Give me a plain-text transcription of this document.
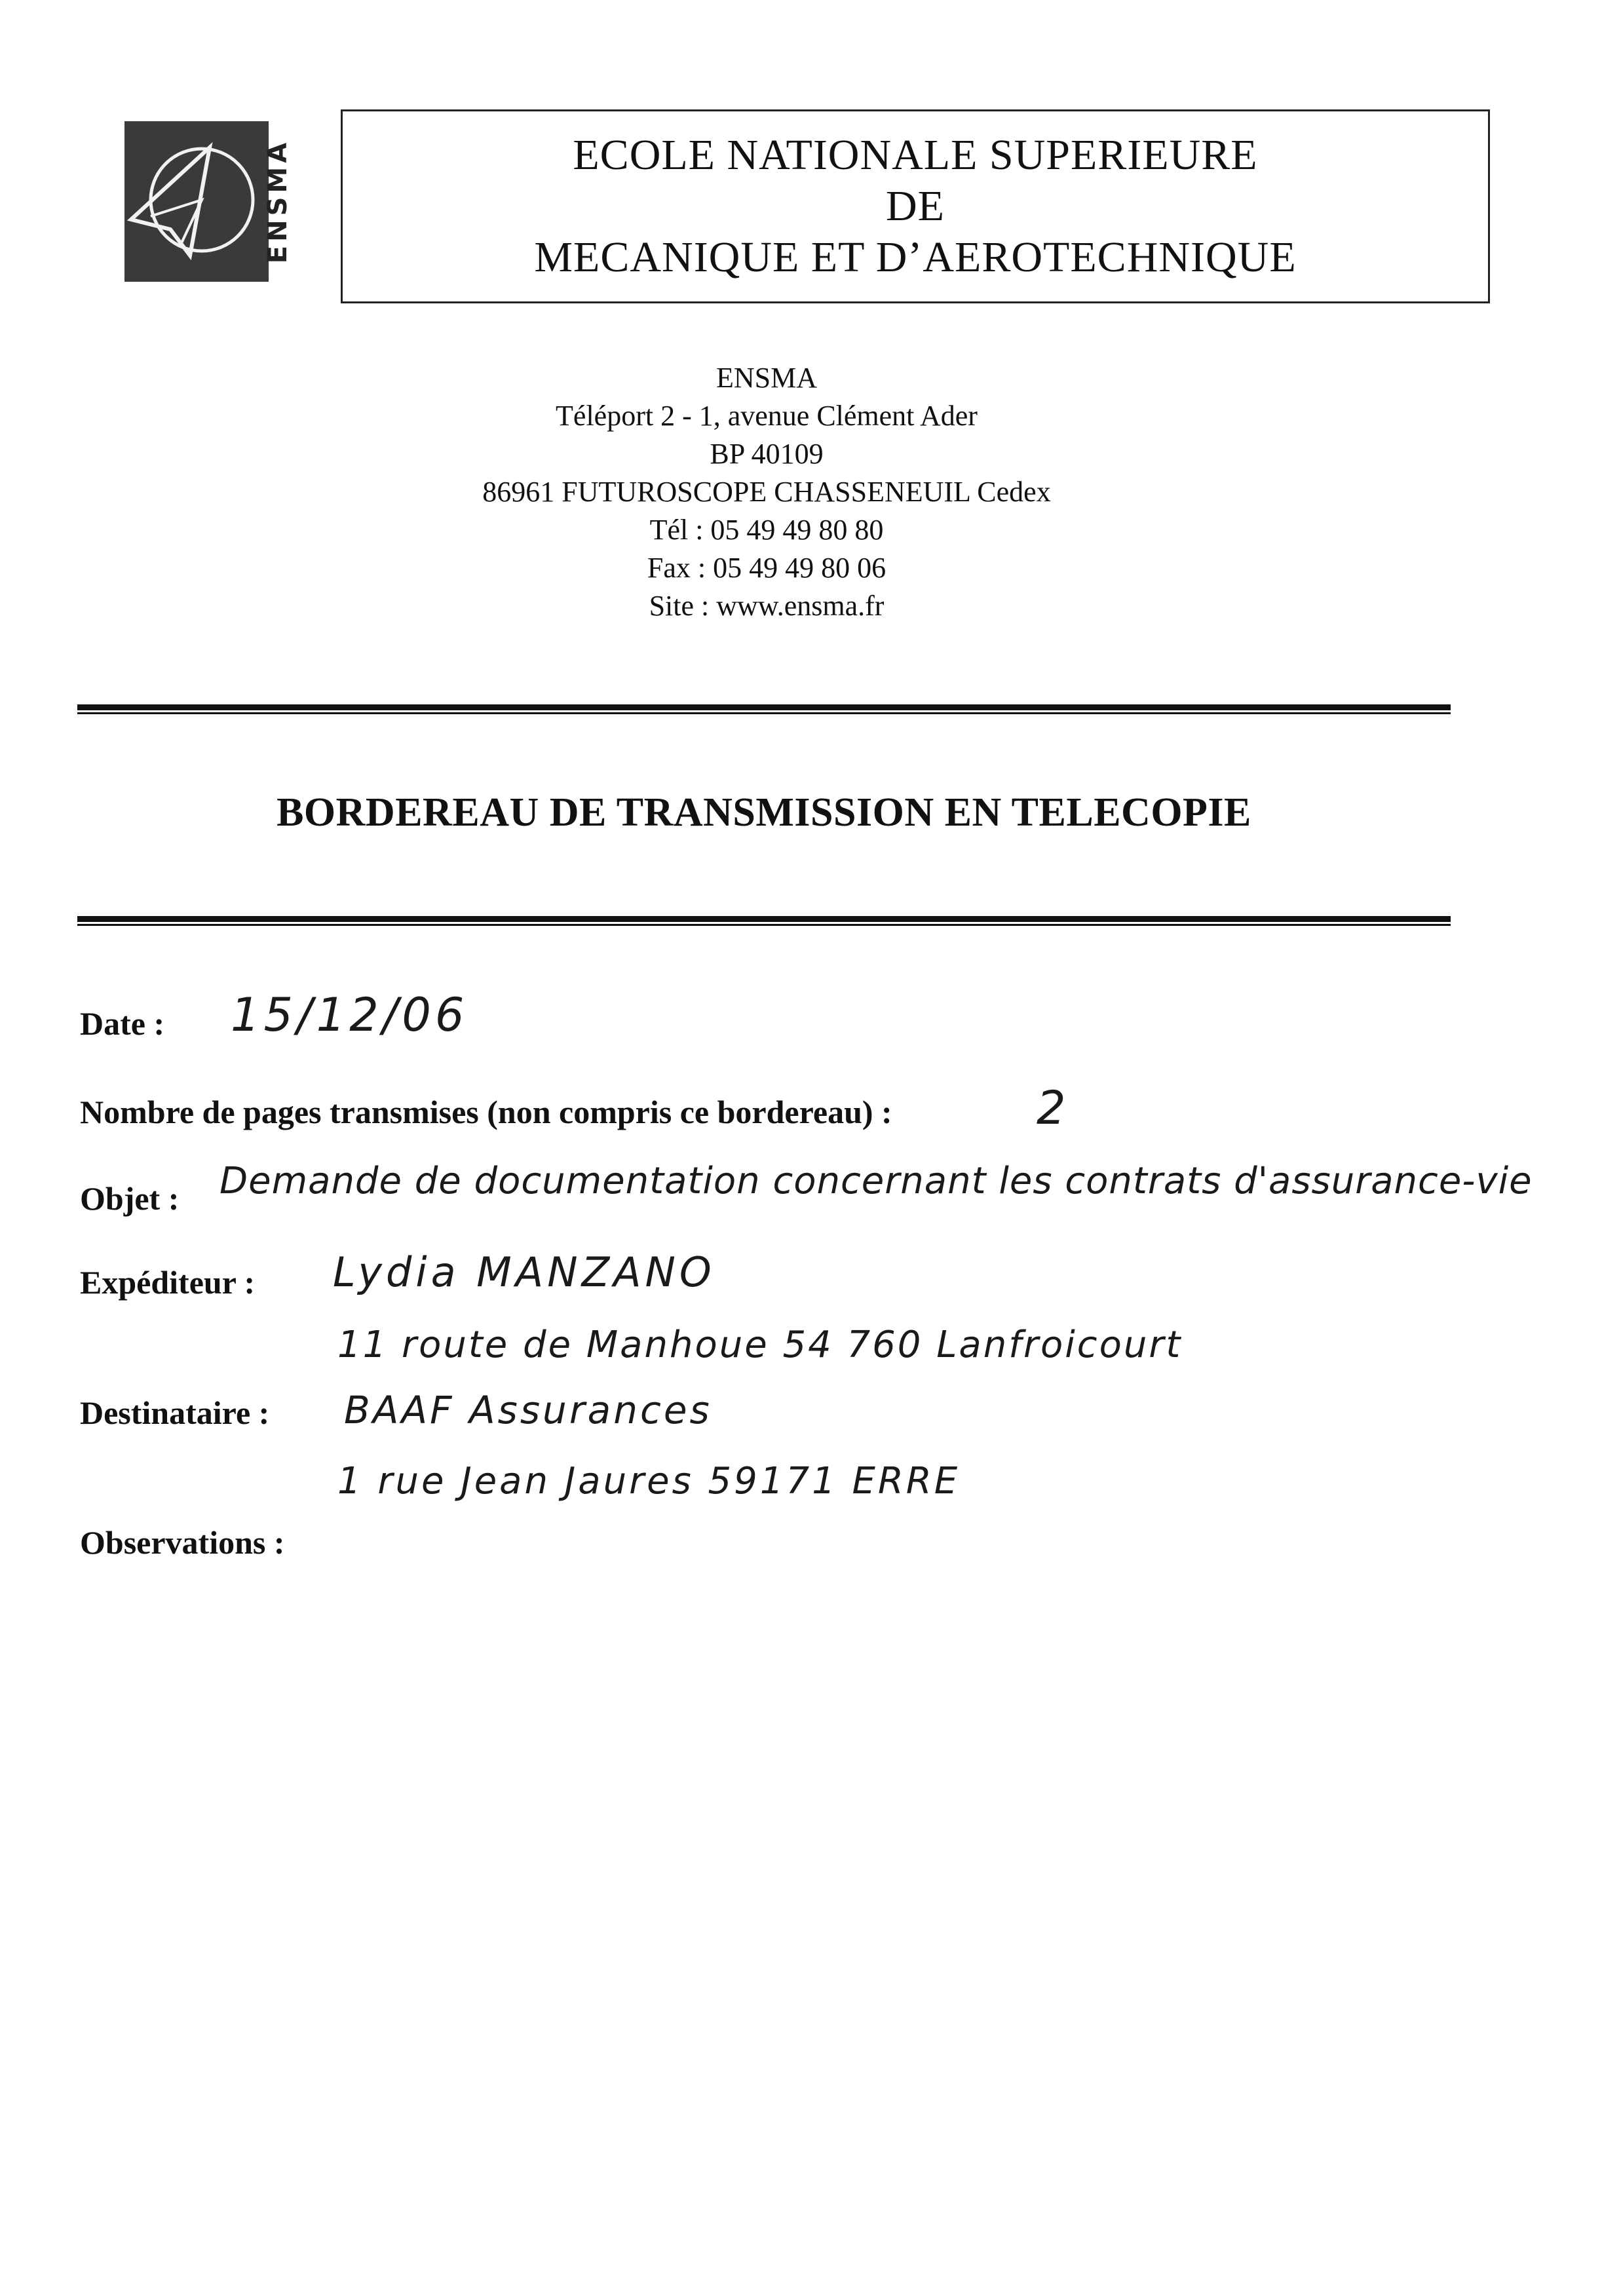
ENSMA	ECOLE NATIONALE SUPERIEURE
DE
MECANIQUE ET D’AEROTECHNIQUE
ENSMA
Téléport 2 - 1, avenue Clément Ader
BP 40109
86961 FUTUROSCOPE CHASSENEUIL Cedex
Tél : 05 49 49 80 80
Fax : 05 49 49 80 06
Site : www.ensma.fr
BORDEREAU DE TRANSMISSION EN TELECOPIE
Date : 15/12/06
Nombre de pages transmises (non compris ce bordereau) :	2
Objet : Demande de documentation concernant les contrats d'assurance-vie
Expéditeur : Lydia MANZANO
11 route de Manhoue 54 760 Lanfroicourt
Destinataire : BAAF Assurances
1 rue Jean Jaures 59171 ERRE
Observations :
